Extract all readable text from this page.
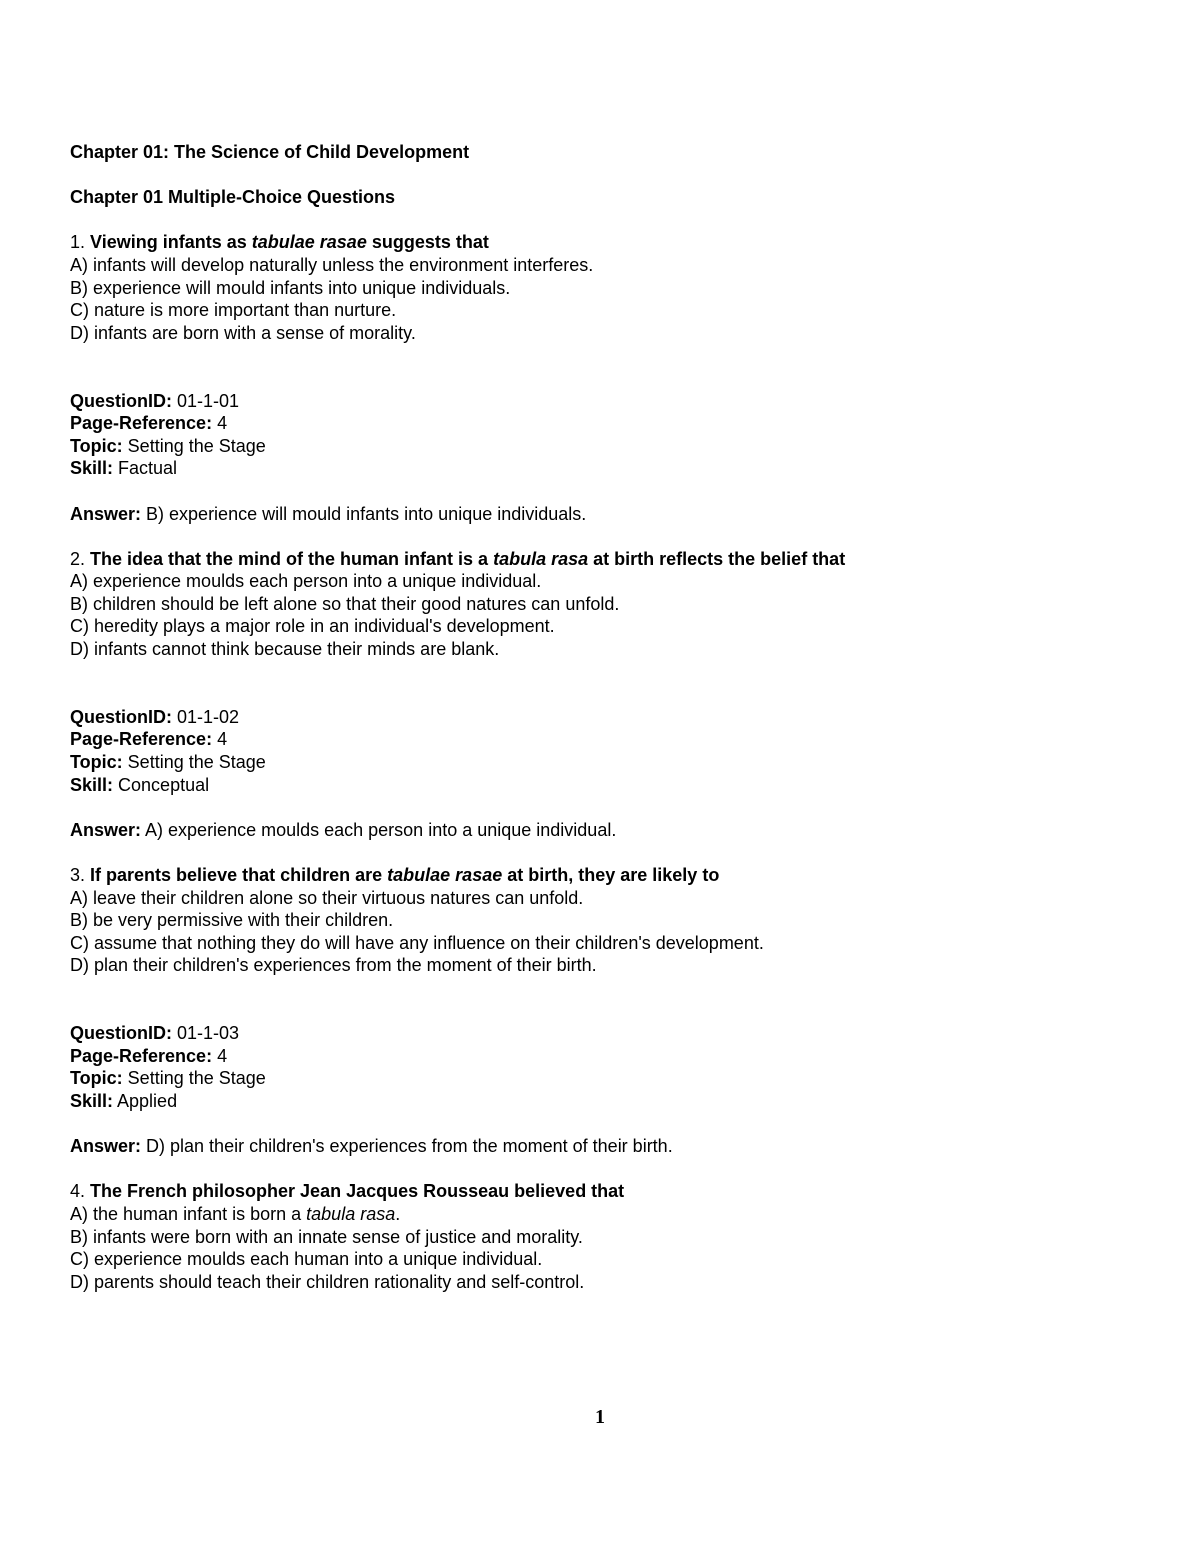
Chapter 01: The Science of Child Development
Chapter 01 Multiple-Choice Questions
1. Viewing infants as tabulae rasae suggests that
A) infants will develop naturally unless the environment interferes.
B) experience will mould infants into unique individuals.
C) nature is more important than nurture.
D) infants are born with a sense of morality.
QuestionID: 01-1-01
Page-Reference: 4
Topic: Setting the Stage
Skill: Factual
Answer: B) experience will mould infants into unique individuals.
2. The idea that the mind of the human infant is a tabula rasa at birth reflects the belief that
A) experience moulds each person into a unique individual.
B) children should be left alone so that their good natures can unfold.
C) heredity plays a major role in an individual's development.
D) infants cannot think because their minds are blank.
QuestionID: 01-1-02
Page-Reference: 4
Topic: Setting the Stage
Skill: Conceptual
Answer: A) experience moulds each person into a unique individual.
3. If parents believe that children are tabulae rasae at birth, they are likely to
A) leave their children alone so their virtuous natures can unfold.
B) be very permissive with their children.
C) assume that nothing they do will have any influence on their children's development.
D) plan their children's experiences from the moment of their birth.
QuestionID: 01-1-03
Page-Reference: 4
Topic: Setting the Stage
Skill: Applied
Answer: D) plan their children's experiences from the moment of their birth.
4. The French philosopher Jean Jacques Rousseau believed that
A) the human infant is born a tabula rasa.
B) infants were born with an innate sense of justice and morality.
C) experience moulds each human into a unique individual.
D) parents should teach their children rationality and self-control.
1
